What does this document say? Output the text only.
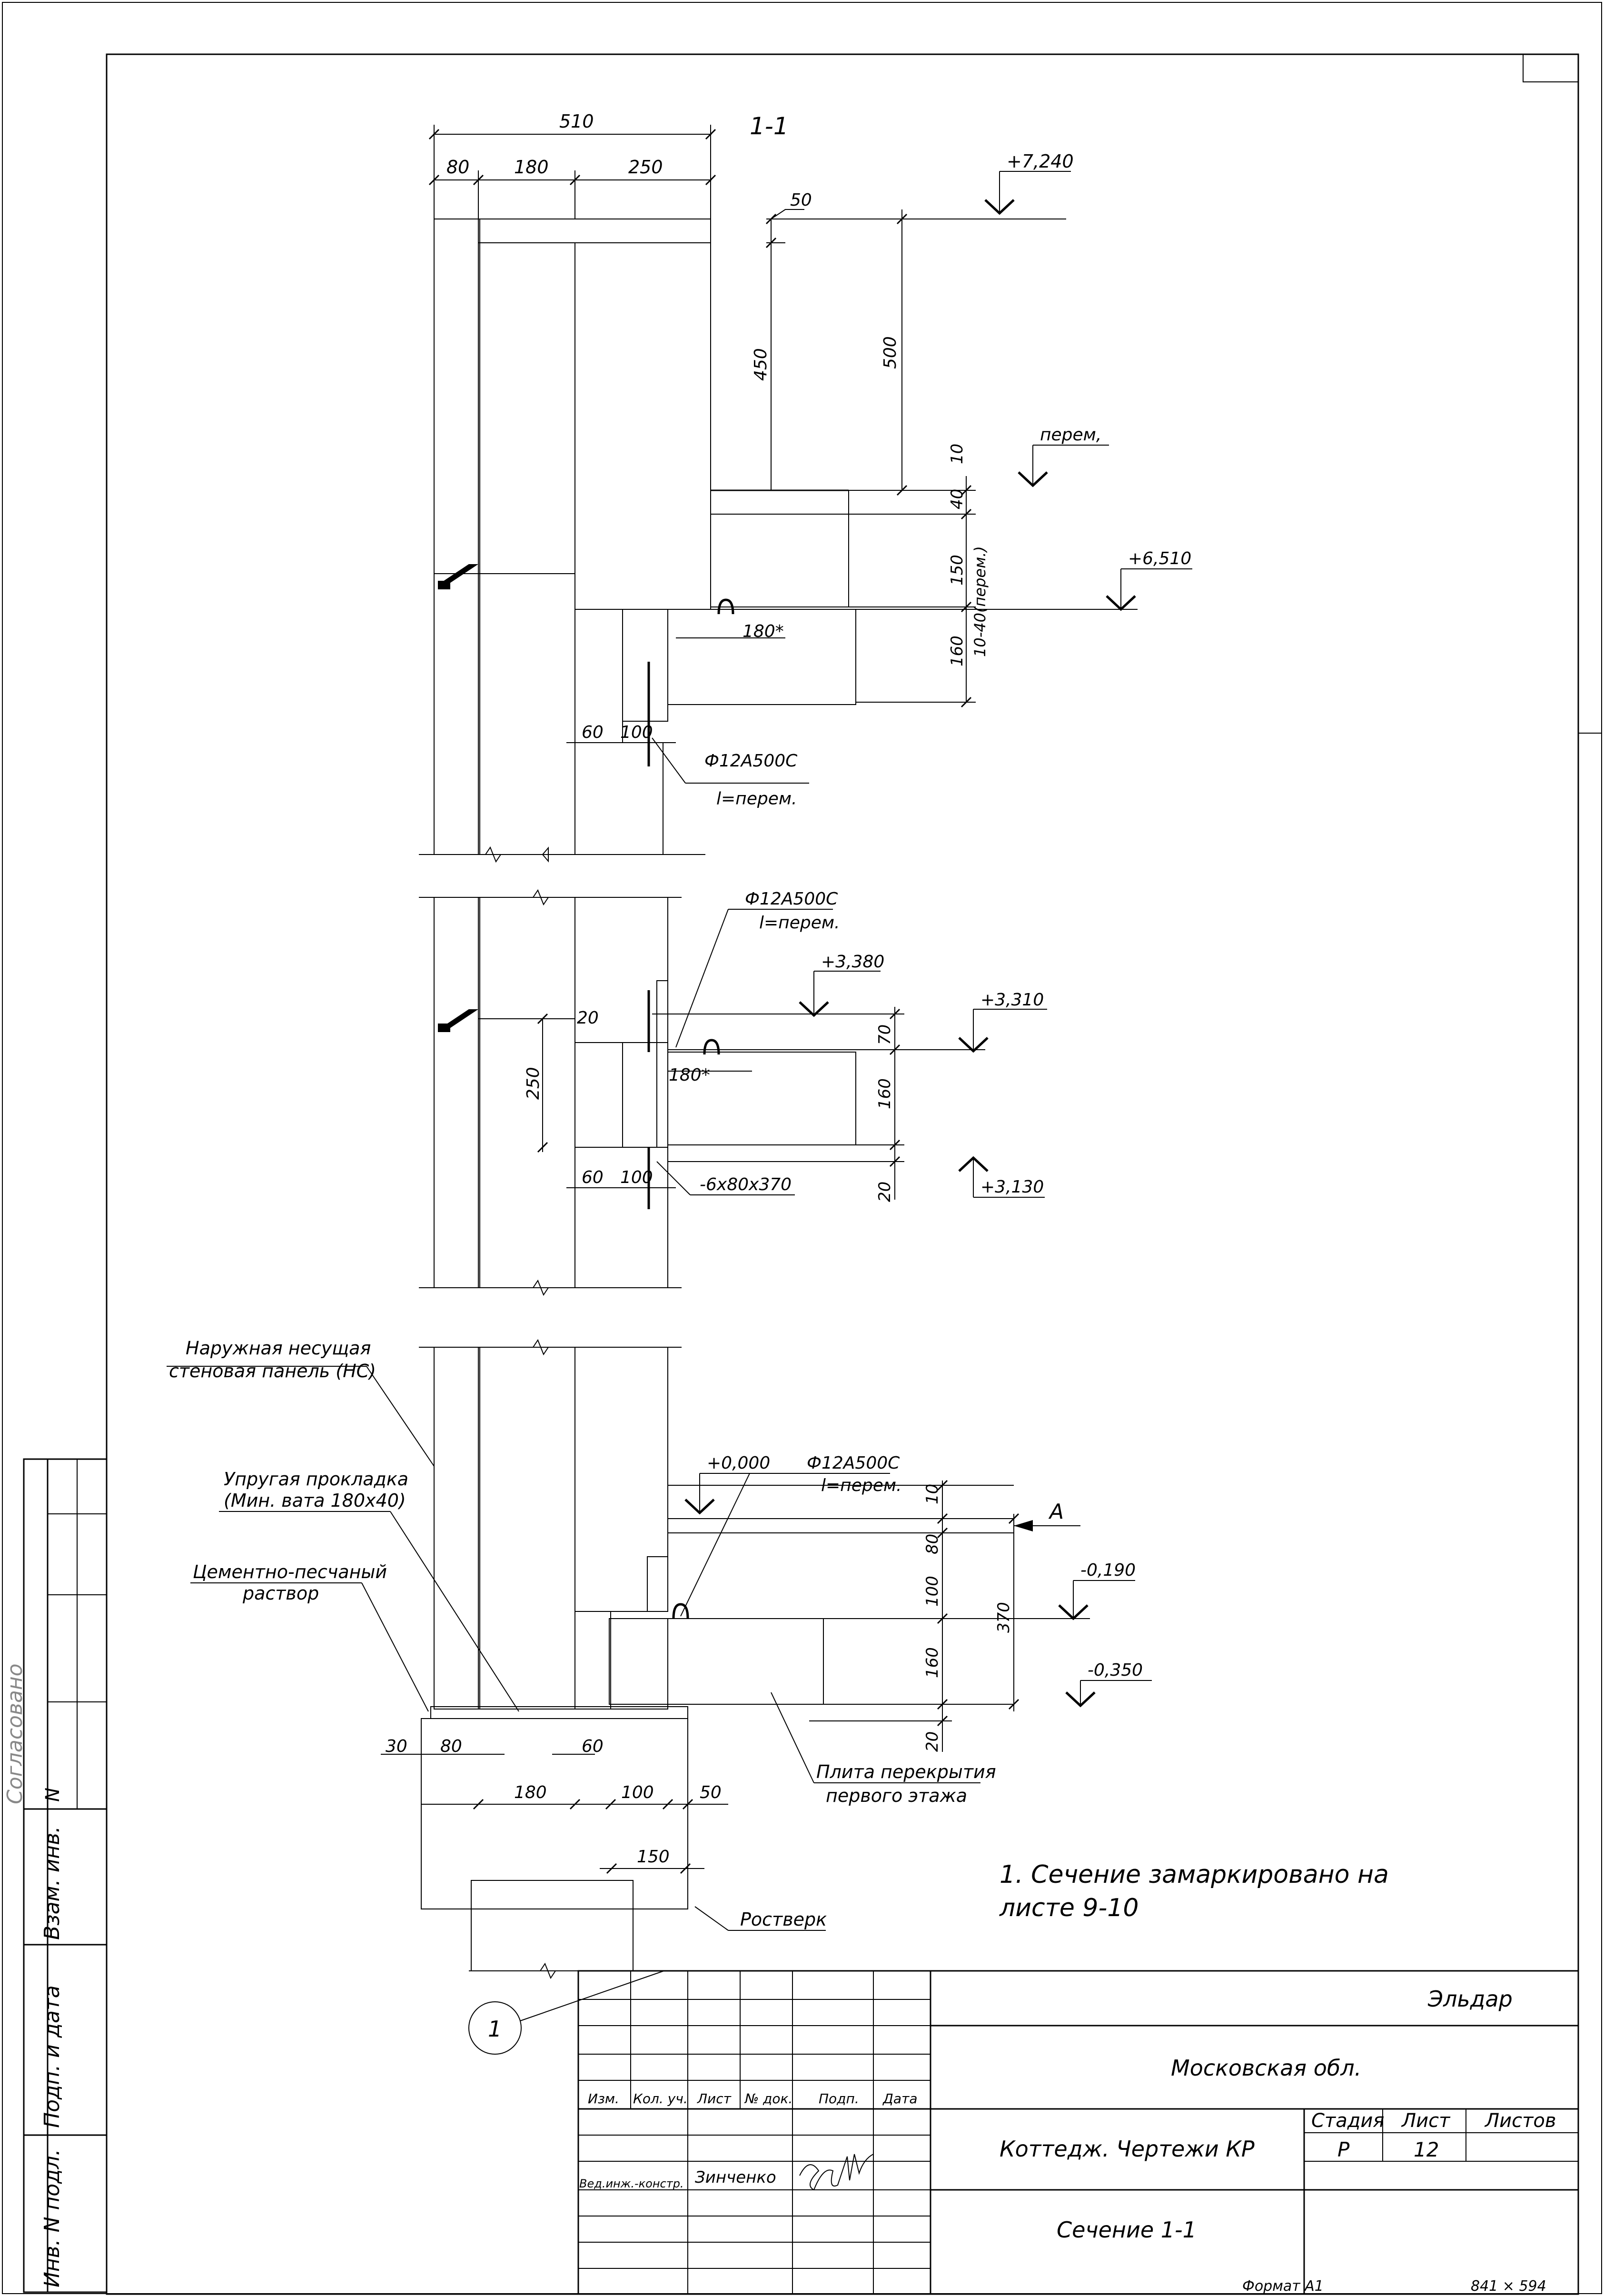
Согласовано N
Взам. инв.
Подп. и дата
Инв. N подл.
1-1
510
80 180	250
50
450	500
10
40
150 10-40(перем.)
160
180*
60 100
+7,240
перем,
+6,510
Ф12А500С
l=перем.
250
20
180*
60 100
70
160
20
+3,380
+3,310
+3,130
Ф12А500С
l=перем.
-6х80х370
10
80
100
370
160
20
30 80	60
180	100	50
150
+0,000
А
-0,190
-0,350
Ф12А500С
l=перем.
Наружная несущая
стеновая панель (НС)
Упругая прокладка
(Мин. вата 180х40)
Цементно-песчаный
раствор
Плита перекрытия
первого этажа
Ростверк
1
1. Сечение замаркировано на
листе 9-10
Изм. Кол. уч. Лист № док. Подп. Дата
Вед.инж.-констр. Зинченко
Эльдар
Московская обл.
Коттедж. Чертежи КР
Сечение 1-1
Стадия Лист Листов
Р	12
Формат А1	841 × 594
